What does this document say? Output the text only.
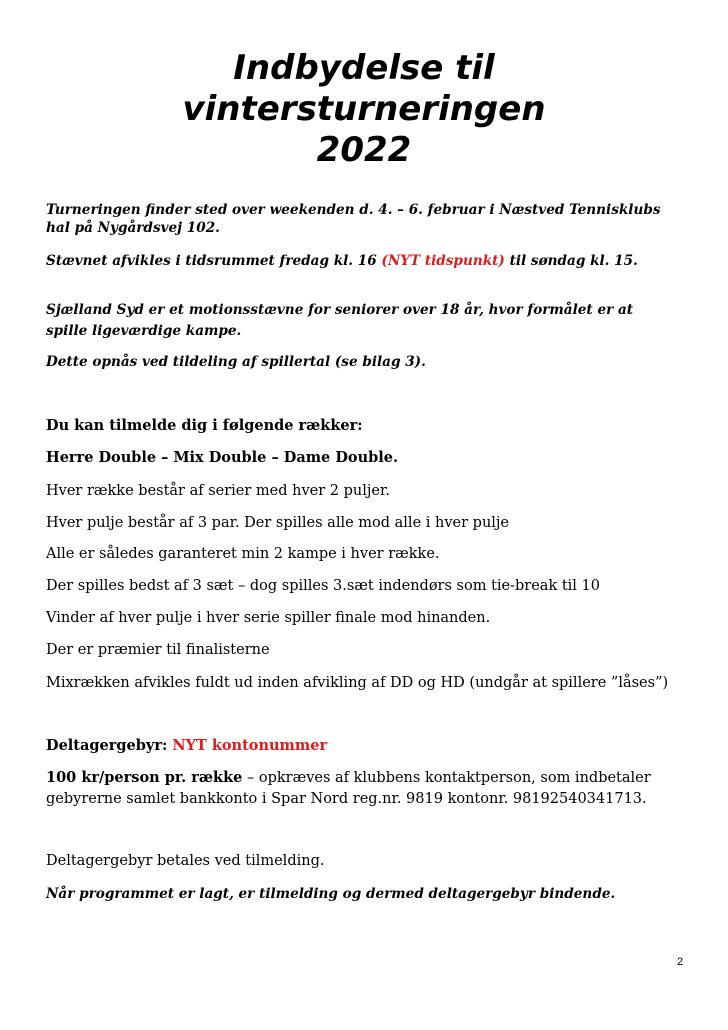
Indbydelse til
vintersturneringen
2022
Turneringen finder sted over weekenden d. 4. – 6. februar i Næstved Tennisklubs
hal på Nygårdsvej 102.
Stævnet afvikles i tidsrummet fredag kl. 16 (NYT tidspunkt) til søndag kl. 15.
Sjælland Syd er et motionsstævne for seniorer over 18 år, hvor formålet er at
spille ligeværdige kampe.
Dette opnås ved tildeling af spillertal (se bilag 3).
Du kan tilmelde dig i følgende rækker:
Herre Double – Mix Double – Dame Double.
Hver række består af serier med hver 2 puljer.
Hver pulje består af 3 par. Der spilles alle mod alle i hver pulje
Alle er således garanteret min 2 kampe i hver række.
Der spilles bedst af 3 sæt – dog spilles 3.sæt indendørs som tie-break til 10
Vinder af hver pulje i hver serie spiller finale mod hinanden.
Der er præmier til finalisterne
Mixrækken afvikles fuldt ud inden afvikling af DD og HD (undgår at spillere ”låses”)
Deltagergebyr: NYT kontonummer
100 kr/person pr. række – opkræves af klubbens kontaktperson, som indbetaler
gebyrerne samlet bankkonto i Spar Nord reg.nr. 9819 kontonr. 98192540341713.
Deltagergebyr betales ved tilmelding.
Når programmet er lagt, er tilmelding og dermed deltagergebyr bindende.
2
